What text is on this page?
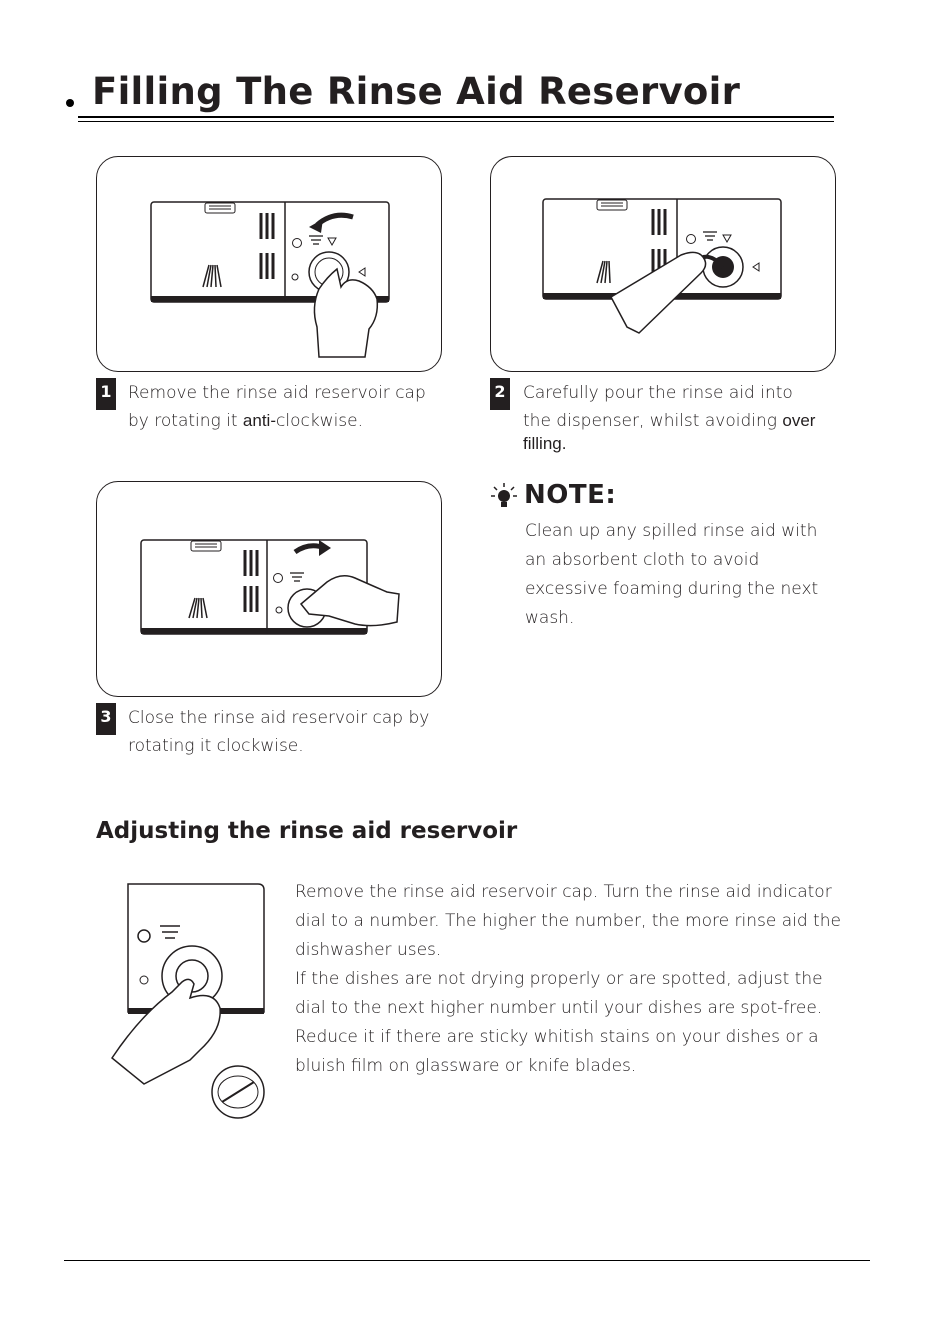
Filling The Rinse Aid Reservoir
1 Remove the rinse aid reservoir cap
by rotating it anti-clockwise.
2 Carefully pour the rinse aid into
the dispenser, whilst avoiding over
filling.
NOTE:
Clean up any spilled rinse aid with
an absorbent cloth to avoid
excessive foaming during the next
wash.
3 Close the rinse aid reservoir cap by
rotating it clockwise.
Adjusting the rinse aid reservoir
Remove the rinse aid reservoir cap. Turn the rinse aid indicator
dial to a number. The higher the number, the more rinse aid the
dishwasher uses.
If the dishes are not drying properly or are spotted, adjust the
dial to the next higher number until your dishes are spot-free.
Reduce it if there are sticky whitish stains on your dishes or a
bluish film on glassware or knife blades.
